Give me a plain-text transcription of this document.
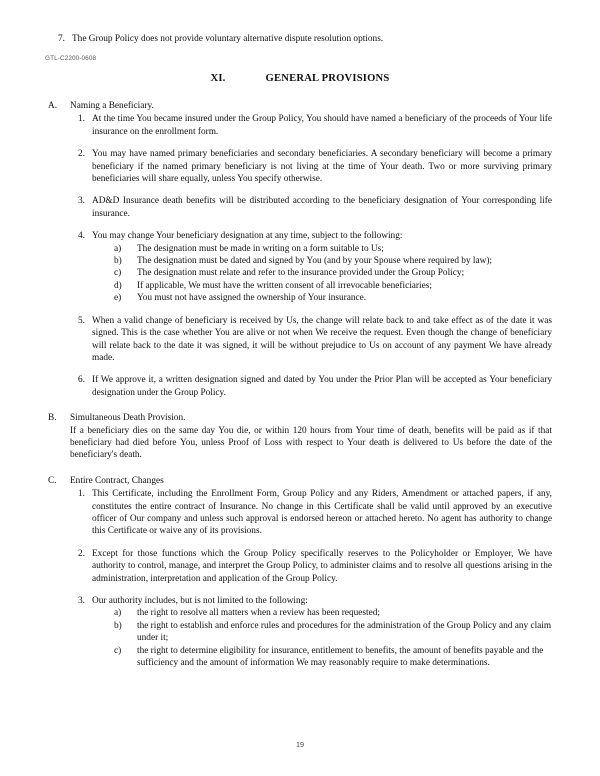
7. The Group Policy does not provide voluntary alternative dispute resolution options.
GTL-C2200-0608
XI.	GENERAL PROVISIONS
A.	Naming a Beneficiary.
1. At the time You became insured under the Group Policy, You should have named a beneficiary of the proceeds of Your life insurance on the enrollment form.
2. You may have named primary beneficiaries and secondary beneficiaries. A secondary beneficiary will become a primary beneficiary if the named primary beneficiary is not living at the time of Your death. Two or more surviving primary beneficiaries will share equally, unless You specify otherwise.
3. AD&D Insurance death benefits will be distributed according to the beneficiary designation of Your corresponding life insurance.
4. You may change Your beneficiary designation at any time, subject to the following:
a)	The designation must be made in writing on a form suitable to Us;
b)	The designation must be dated and signed by You (and by your Spouse where required by law);
c)	The designation must relate and refer to the insurance provided under the Group Policy;
d)	If applicable, We must have the written consent of all irrevocable beneficiaries;
e)	You must not have assigned the ownership of Your insurance.
5. When a valid change of beneficiary is received by Us, the change will relate back to and take effect as of the date it was signed. This is the case whether You are alive or not when We receive the request. Even though the change of beneficiary will relate back to the date it was signed, it will be without prejudice to Us on account of any payment We have already made.
6. If We approve it, a written designation signed and dated by You under the Prior Plan will be accepted as Your beneficiary designation under the Group Policy.
B.	Simultaneous Death Provision.
If a beneficiary dies on the same day You die, or within 120 hours from Your time of death, benefits will be paid as if that beneficiary had died before You, unless Proof of Loss with respect to Your death is delivered to Us before the date of the beneficiary's death.
C.	Entire Contract, Changes
1. This Certificate, including the Enrollment Form, Group Policy and any Riders, Amendment or attached papers, if any, constitutes the entire contract of Insurance. No change in this Certificate shall be valid until approved by an executive officer of Our company and unless such approval is endorsed hereon or attached hereto. No agent has authority to change this Certificate or waive any of its provisions.
2. Except for those functions which the Group Policy specifically reserves to the Policyholder or Employer, We have authority to control, manage, and interpret the Group Policy, to administer claims and to resolve all questions arising in the administration, interpretation and application of the Group Policy.
3. Our authority includes, but is not limited to the following:
a)	the right to resolve all matters when a review has been requested;
b)	the right to establish and enforce rules and procedures for the administration of the Group Policy and any claim under it;
c)	the right to determine eligibility for insurance, entitlement to benefits, the amount of benefits payable and the sufficiency and the amount of information We may reasonably require to make determinations.
19
